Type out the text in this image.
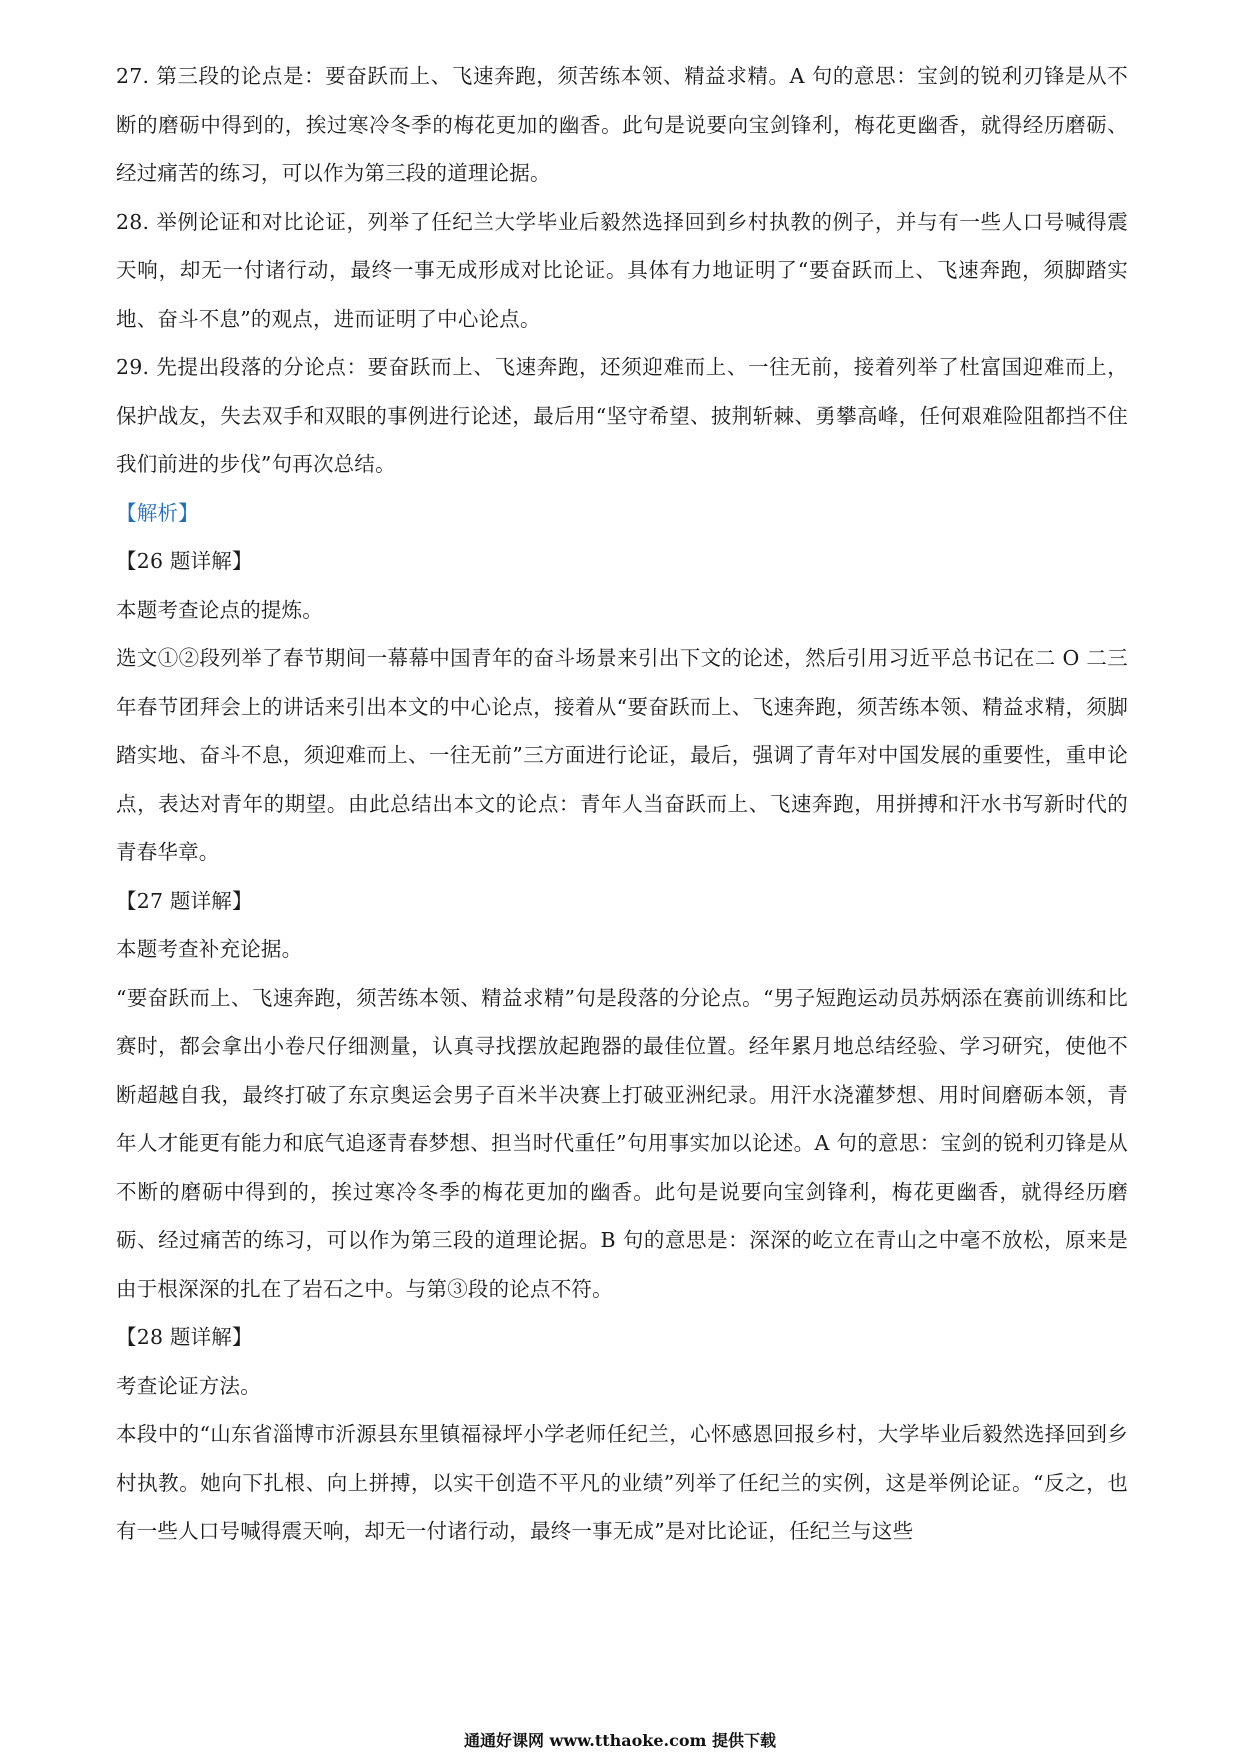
27. 第三段的论点是：要奋跃而上、飞速奔跑，须苦练本领、精益求精。A 句的意思：宝剑的锐利刃锋是从不断的磨砺中得到的，挨过寒冷冬季的梅花更加的幽香。此句是说要向宝剑锋利，梅花更幽香，就得经历磨砺、经过痛苦的练习，可以作为第三段的道理论据。

28. 举例论证和对比论证，列举了任纪兰大学毕业后毅然选择回到乡村执教的例子，并与有一些人口号喊得震天响，却无一付诸行动，最终一事无成形成对比论证。具体有力地证明了“要奋跃而上、飞速奔跑，须脚踏实地、奋斗不息”的观点，进而证明了中心论点。

29. 先提出段落的分论点：要奋跃而上、飞速奔跑，还须迎难而上、一往无前，接着列举了杜富国迎难而上，保护战友，失去双手和双眼的事例进行论述，最后用“坚守希望、披荆斩棘、勇攀高峰，任何艰难险阻都挡不住我们前进的步伐”句再次总结。

【解析】

【26 题详解】

本题考查论点的提炼。

选文①②段列举了春节期间一幕幕中国青年的奋斗场景来引出下文的论述，然后引用习近平总书记在二 O 二三年春节团拜会上的讲话来引出本文的中心论点，接着从“要奋跃而上、飞速奔跑，须苦练本领、精益求精，须脚踏实地、奋斗不息，须迎难而上、一往无前”三方面进行论证，最后，强调了青年对中国发展的重要性，重申论点，表达对青年的期望。由此总结出本文的论点：青年人当奋跃而上、飞速奔跑，用拼搏和汗水书写新时代的青春华章。

【27 题详解】

本题考查补充论据。

“要奋跃而上、飞速奔跑，须苦练本领、精益求精”句是段落的分论点。“男子短跑运动员苏炳添在赛前训练和比赛时，都会拿出小卷尺仔细测量，认真寻找摆放起跑器的最佳位置。经年累月地总结经验、学习研究，使他不断超越自我，最终打破了东京奥运会男子百米半决赛上打破亚洲纪录。用汗水浇灌梦想、用时间磨砺本领，青年人才能更有能力和底气追逐青春梦想、担当时代重任”句用事实加以论述。A 句的意思：宝剑的锐利刃锋是从不断的磨砺中得到的，挨过寒冷冬季的梅花更加的幽香。此句是说要向宝剑锋利，梅花更幽香，就得经历磨砺、经过痛苦的练习，可以作为第三段的道理论据。B 句的意思是：深深的屹立在青山之中毫不放松，原来是由于根深深的扎在了岩石之中。与第③段的论点不符。

【28 题详解】

考查论证方法。

本段中的“山东省淄博市沂源县东里镇福禄坪小学老师任纪兰，心怀感恩回报乡村，大学毕业后毅然选择回到乡村执教。她向下扎根、向上拼搏，以实干创造不平凡的业绩”列举了任纪兰的实例，这是举例论证。“反之，也有一些人口号喊得震天响，却无一付诸行动，最终一事无成”是对比论证，任纪兰与这些

通通好课网 www.tthaoke.com 提供下载
